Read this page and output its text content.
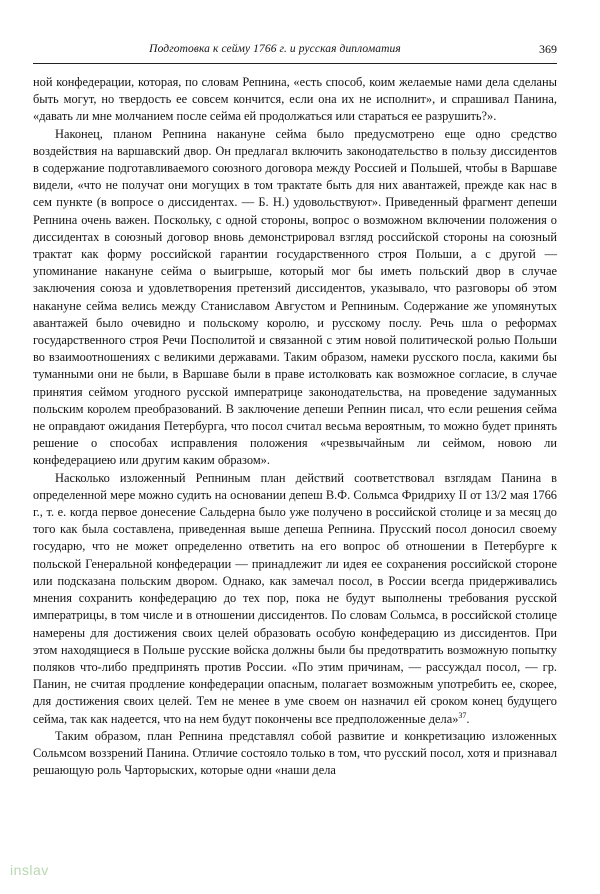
Подготовка к сейму 1766 г. и русская дипломатия	369

ной конфедерации, которая, по словам Репнина, «есть способ, коим желаемые нами дела сделаны быть могут, но твердость ее совсем кончится, если она их не исполнит», и спрашивал Панина, «давать ли мне молчанием после сейма ей продолжаться или стараться ее разрушить?».

Наконец, планом Репнина накануне сейма было предусмотрено еще одно средство воздействия на варшавский двор. Он предлагал включить законодательство в пользу диссидентов в содержание подготавливаемого союзного договора между Россией и Польшей, чтобы в Варшаве видели, «что не получат они могущих в том трактате быть для них авантажей, прежде как нас в сем пункте (в вопросе о диссидентах. — Б. Н.) удовольствуют». Приведенный фрагмент депеши Репнина очень важен. Поскольку, с одной стороны, вопрос о возможном включении положения о диссидентах в союзный договор вновь демонстрировал взгляд российской стороны на союзный трактат как форму российской гарантии государственного строя Польши, а с другой — упоминание накануне сейма о выигрыше, который мог бы иметь польский двор в случае заключения союза и удовлетворения претензий диссидентов, указывало, что разговоры об этом накануне сейма велись между Станиславом Августом и Репниным. Содержание же упомянутых авантажей было очевидно и польскому королю, и русскому послу. Речь шла о реформах государственного строя Речи Посполитой и связанной с этим новой политической ролью Польши во взаимоотношениях с великими державами. Таким образом, намеки русского посла, какими бы туманными они не были, в Варшаве были в праве истолковать как возможное согласие, в случае принятия сеймом угодного русской императрице законодательства, на проведение задуманных польским королем преобразований. В заключение депеши Репнин писал, что если решения сейма не оправдают ожидания Петербурга, что посол считал весьма вероятным, то можно будет принять решение о способах исправления положения «чрезвычайным ли сеймом, новою ли конфедерациею или другим каким образом».

Насколько изложенный Репниным план действий соответствовал взглядам Панина в определенной мере можно судить на основании депеш В.Ф. Сольмса Фридриху II от 13/2 мая 1766 г., т. е. когда первое донесение Сальдерна было уже получено в российской столице и за месяц до того как была составлена, приведенная выше депеша Репнина. Прусский посол доносил своему государю, что не может определенно ответить на его вопрос об отношении в Петербурге к польской Генеральной конфедерации — принадлежит ли идея ее сохранения российской стороне или подсказана польским двором. Однако, как замечал посол, в России всегда придерживались мнения сохранить конфедерацию до тех пор, пока не будут выполнены требования русской императрицы, в том числе и в отношении диссидентов. По словам Сольмса, в российской столице намерены для достижения своих целей образовать особую конфедерацию из диссидентов. При этом находящиеся в Польше русские войска должны были бы предотвратить возможную попытку поляков что-либо предпринять против России. «По этим причинам, — рассуждал посол, — гр. Панин, не считая продление конфедерации опасным, полагает возможным употребить ее, скорее, для достижения своих целей. Тем не менее в уме своем он назначил ей сроком конец будущего сейма, так как надеется, что на нем будут покончены все предположенные дела»$^{37}$.

Таким образом, план Репнина представлял собой развитие и конкретизацию изложенных Сольмсом воззрений Панина. Отличие состояло только в том, что русский посол, хотя и признавал решающую роль Чарторыских, которые одни «наши дела

inslav
